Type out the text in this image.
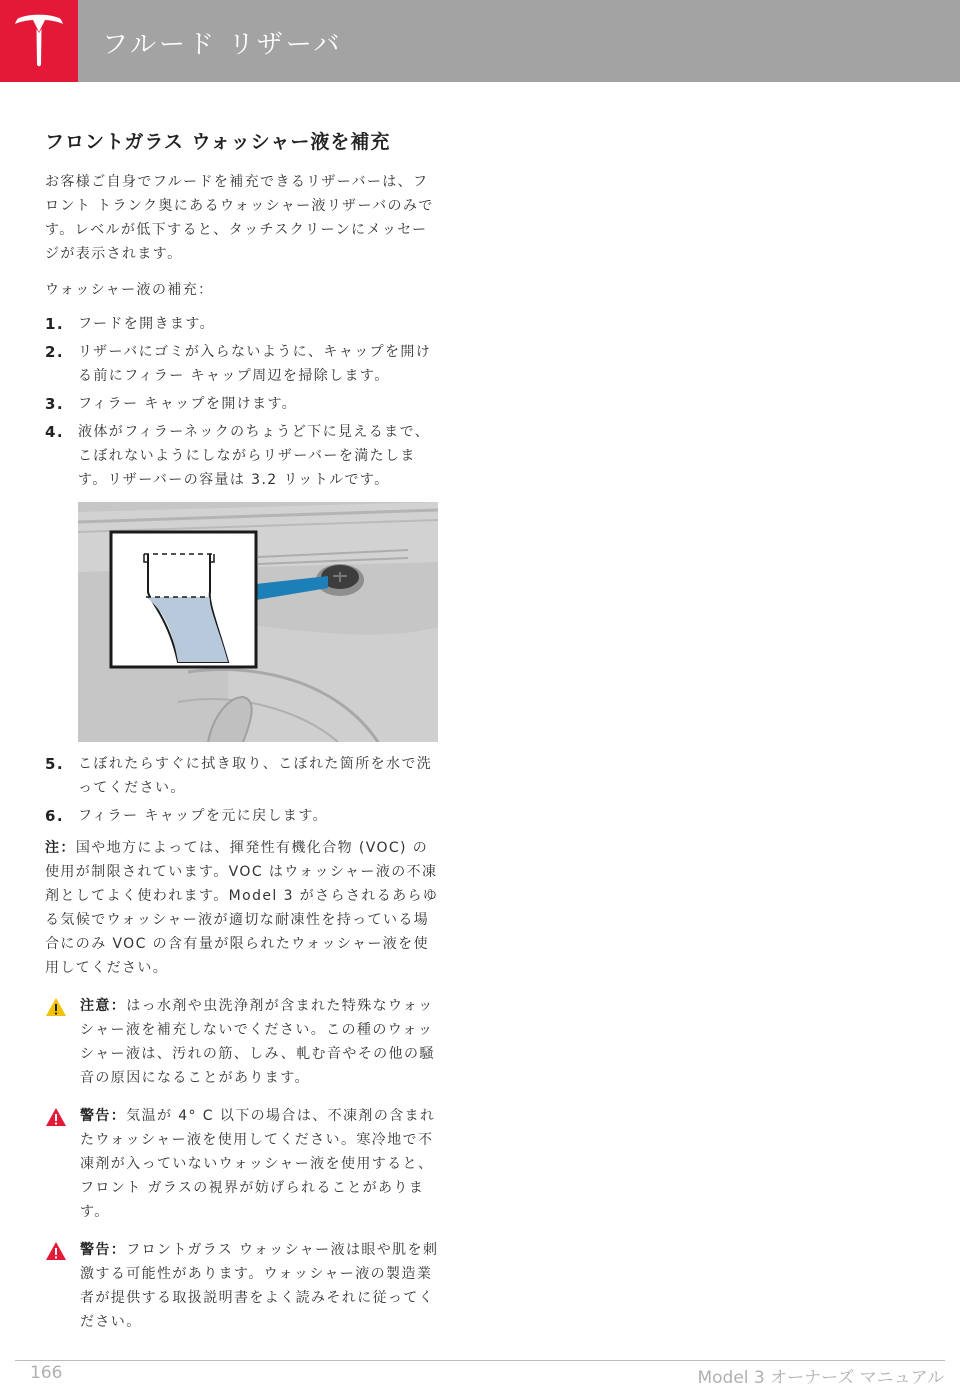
フルード リザーバ
フロントガラス ウォッシャー液を補充

お客様ご自身でフルードを補充できるリザーバーは、フロント トランク奥にあるウォッシャー液リザーバのみです。レベルが低下すると、タッチスクリーンにメッセージが表示されます。

ウォッシャー液の補充：

1.	フードを開きます。
2.	リザーバにゴミが入らないように、キャップを開ける前にフィラー キャップ周辺を掃除します。
3.	フィラー キャップを開けます。
4.	液体がフィラーネックのちょうど下に見えるまで、こぼれないようにしながらリザーバーを満たします。リザーバーの容量は 3.2 リットルです。
5.	こぼれたらすぐに拭き取り、こぼれた箇所を水で洗ってください。
6.	フィラー キャップを元に戻します。

注：国や地方によっては、揮発性有機化合物 (VOC) の使用が制限されています。VOC はウォッシャー液の不凍剤としてよく使われます。Model 3 がさらされるあらゆる気候でウォッシャー液が適切な耐凍性を持っている場合にのみ VOC の含有量が限られたウォッシャー液を使用してください。

注意：はっ水剤や虫洗浄剤が含まれた特殊なウォッシャー液を補充しないでください。この種のウォッシャー液は、汚れの筋、しみ、軋む音やその他の騒音の原因になることがあります。
警告：気温が 4° C 以下の場合は、不凍剤の含まれたウォッシャー液を使用してください。寒冷地で不凍剤が入っていないウォッシャー液を使用すると、フロント ガラスの視界が妨げられることがあります。
警告：フロントガラス ウォッシャー液は眼や肌を刺激する可能性があります。ウォッシャー液の製造業者が提供する取扱説明書をよく読みそれに従ってください。
166	Model 3 オーナーズ マニュアル
